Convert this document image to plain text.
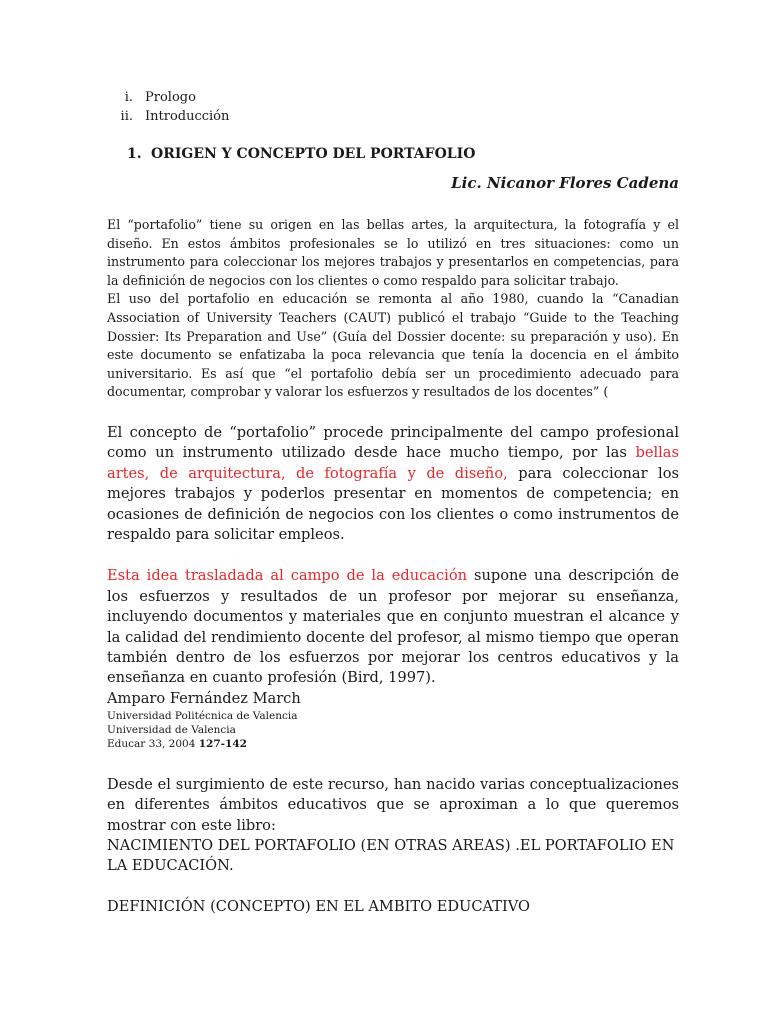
i. Prologo
ii. Introducción
1. ORIGEN Y CONCEPTO DEL PORTAFOLIO
Lic. Nicanor Flores Cadena

El “portafolio” tiene su origen en las bellas artes, la arquitectura, la fotografía y el diseño. En estos ámbitos profesionales se lo utilizó en tres situaciones: como un instrumento para coleccionar los mejores trabajos y presentarlos en competencias, para la definición de negocios con los clientes o como respaldo para solicitar trabajo.

El uso del portafolio en educación se remonta al año 1980, cuando la “Canadian Association of University Teachers (CAUT) publicó el trabajo “Guide to the Teaching Dossier: Its Preparation and Use” (Guía del Dossier docente: su preparación y uso). En este documento se enfatizaba la poca relevancia que tenía la docencia en el ámbito universitario. Es así que “el portafolio debía ser un procedimiento adecuado para documentar, comprobar y valorar los esfuerzos y resultados de los docentes” (

El concepto de “portafolio” procede principalmente del campo profesional como un instrumento utilizado desde hace mucho tiempo, por las bellas artes, de arquitectura, de fotografía y de diseño, para coleccionar los mejores trabajos y poderlos presentar en momentos de competencia; en ocasiones de definición de negocios con los clientes o como instrumentos de respaldo para solicitar empleos.

Esta idea trasladada al campo de la educación supone una descripción de los esfuerzos y resultados de un profesor por mejorar su enseñanza, incluyendo documentos y materiales que en conjunto muestran el alcance y la calidad del rendimiento docente del profesor, al mismo tiempo que operan también dentro de los esfuerzos por mejorar los centros educativos y la enseñanza en cuanto profesión (Bird, 1997).

Amparo Fernández March
Universidad Politécnica de Valencia
Universidad de Valencia
Educar 33, 2004 127-142

Desde el surgimiento de este recurso, han nacido varias conceptualizaciones en diferentes ámbitos educativos que se aproximan a lo que queremos mostrar con este libro:

NACIMIENTO DEL PORTAFOLIO (EN OTRAS AREAS) .EL PORTAFOLIO EN LA EDUCACIÓN.

DEFINICIÓN (CONCEPTO) EN EL AMBITO EDUCATIVO
